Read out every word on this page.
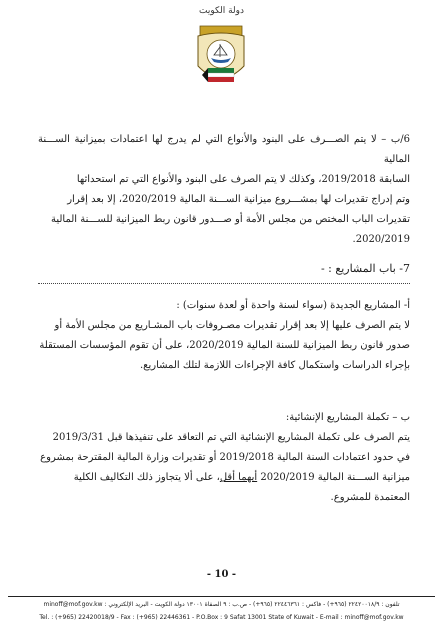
دولة الكويت

6/ب – لا يتم الصـــرف على البنود والأنواع التي لم يدرج لها اعتمادات بميزانية الســـنة المالية

السابقة 2019/2018، وكذلك لا يتم الصرف على البنود والأنواع التي تم استحداثها

وتم إدراج تقديرات لها بمشـــروع ميزانية الســـنة المالية 2020/2019، إلا بعد إقرار

تقديرات الباب المختص من مجلس الأمة أو صـــدور قانون ربط الميزانية للســـنة المالية

2020/2019.

7- باب المشاريع : -

أ- المشاريع الجديدة (سواء لسنة واحدة أو لعدة سنوات) :

لا يتم الصرف عليها إلا بعد إقرار تقديرات مصـروفات باب المشـاريع من مجلس الأمة أو

صدور قانون ربط الميزانية للسنة المالية 2020/2019، على أن تقوم المؤسسات المستقلة

بإجراء الدراسات واستكمال كافة الإجراءات اللازمة لتلك المشاريع.

ب – تكملة المشاريع الإنشائية:

يتم الصرف على تكملة المشاريع الإنشائية التي تم التعاقد على تنفيذها قبل 2019/3/31

في حدود اعتمادات السنة المالية 2019/2018 أو تقديرات وزارة المالية المقترحة بمشروع

ميزانية الســـنة المالية 2020/2019 أيهما أقل، على ألا يتجاوز ذلك التكاليف الكلية

المعتمدة للمشروع.

- 10 -
تلفون : ٢٢٤٢٠٠١٨/٩ (٩٦٥+) - فاكس : ٢٢٤٤٦٣٦١ (٩٦٥+) - ص.ب : ٩ الصفاة ١٣٠٠١ دولة الكويت - البريد الإلكتروني : minoff@mof.gov.kw
Tel. : (+965) 22420018/9 - Fax : (+965) 22446361 - P.O.Box : 9 Safat 13001 State of Kuwait - E-mail : minoff@mof.gov.kw
